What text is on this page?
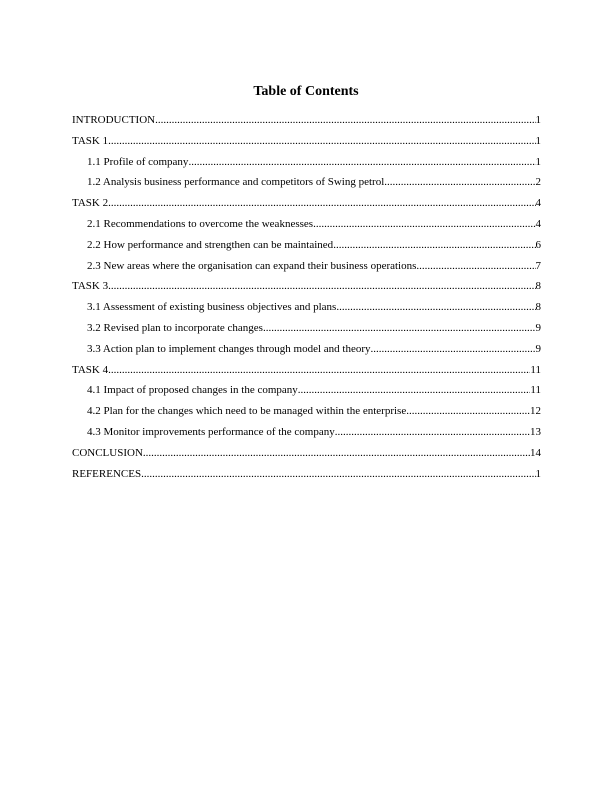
Table of Contents
INTRODUCTION .....	1
TASK 1 .....	1
1.1 Profile of company .....	1
1.2 Analysis business performance and competitors of Swing petrol .....	2
TASK 2 .....	4
2.1 Recommendations to overcome the weaknesses .....	4
2.2 How performance and strengthen can be maintained .....	6
2.3 New areas where the organisation can expand their business operations .....	7
TASK 3 .....	8
3.1 Assessment of existing business objectives and plans .....	8
3.2 Revised plan to incorporate changes .....	9
3.3 Action plan to implement changes through model and theory .....	9
TASK 4 .....	11
4.1 Impact of proposed changes in the company .....	11
4.2 Plan for the changes which need to be managed within the enterprise .....	12
4.3 Monitor improvements performance of the company .....	13
CONCLUSION .....	14
REFERENCES .....	1
